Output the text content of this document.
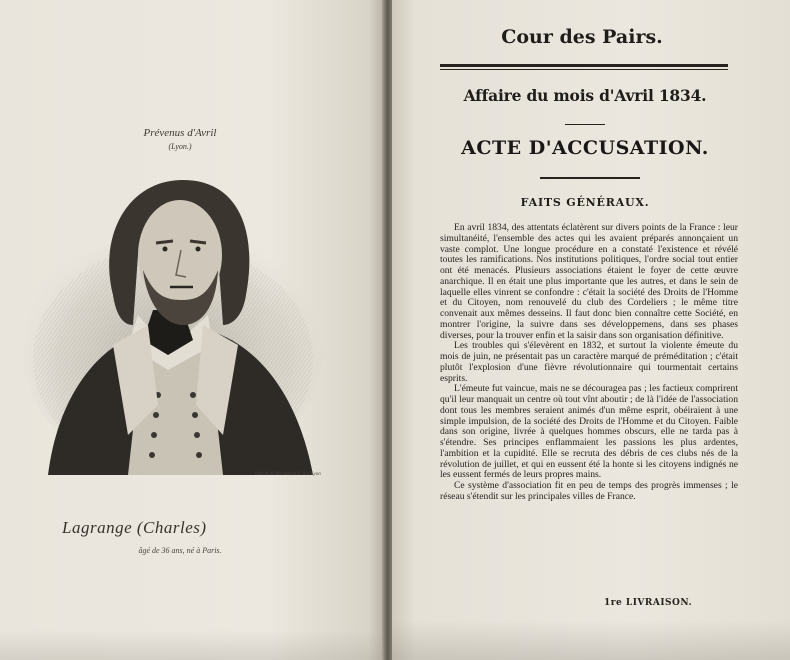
Prévenus d'Avril
(Lyon.)
Lith de H Bernard et C.ie a Lyon
Lagrange (Charles)
âgé de 36 ans, né à Paris.
Cour des Pairs.
Affaire du mois d'Avril 1834.
ACTE D'ACCUSATION.
FAITS GÉNÉRAUX.

En avril 1834, des attentats éclatèrent sur divers points de la France : leur simultanéité, l'ensemble des actes qui les avaient préparés annonçaient un vaste complot. Une longue procédure en a constaté l'existence et révélé toutes les ramifications. Nos institutions politiques, l'ordre social tout entier ont été menacés. Plusieurs associations étaient le foyer de cette œuvre anarchique. Il en était une plus importante que les autres, et dans le sein de laquelle elles vinrent se confondre : c'était la société des Droits de l'Homme et du Citoyen, nom renouvelé du club des Cordeliers ; le même titre convenait aux mêmes desseins. Il faut donc bien connaître cette Société, en montrer l'origine, la suivre dans ses développemens, dans ses phases diverses, pour la trouver enfin et la saisir dans son organisation définitive.

Les troubles qui s'élevèrent en 1832, et surtout la violente émeute du mois de juin, ne présentait pas un caractère marqué de préméditation ; c'était plutôt l'explosion d'une fièvre révolutionnaire qui tourmentait certains esprits.

L'émeute fut vaincue, mais ne se découragea pas ; les factieux comprirent qu'il leur manquait un centre où tout vînt aboutir ; de là l'idée de l'association dont tous les membres seraient animés d'un même esprit, obéiraient à une simple impulsion, de la société des Droits de l'Homme et du Citoyen. Faible dans son origine, livrée à quelques hommes obscurs, elle ne tarda pas à s'étendre. Ses principes enflammaient les passions les plus ardentes, l'ambition et la cupidité. Elle se recruta des débris de ces clubs nés de la révolution de juillet, et qui en eussent été la honte si les citoyens indignés ne les eussent fermés de leurs propres mains.

Ce système d'association fit en peu de temps des progrès immenses ; le réseau s'étendit sur les principales villes de France.

1re LIVRAISON.
